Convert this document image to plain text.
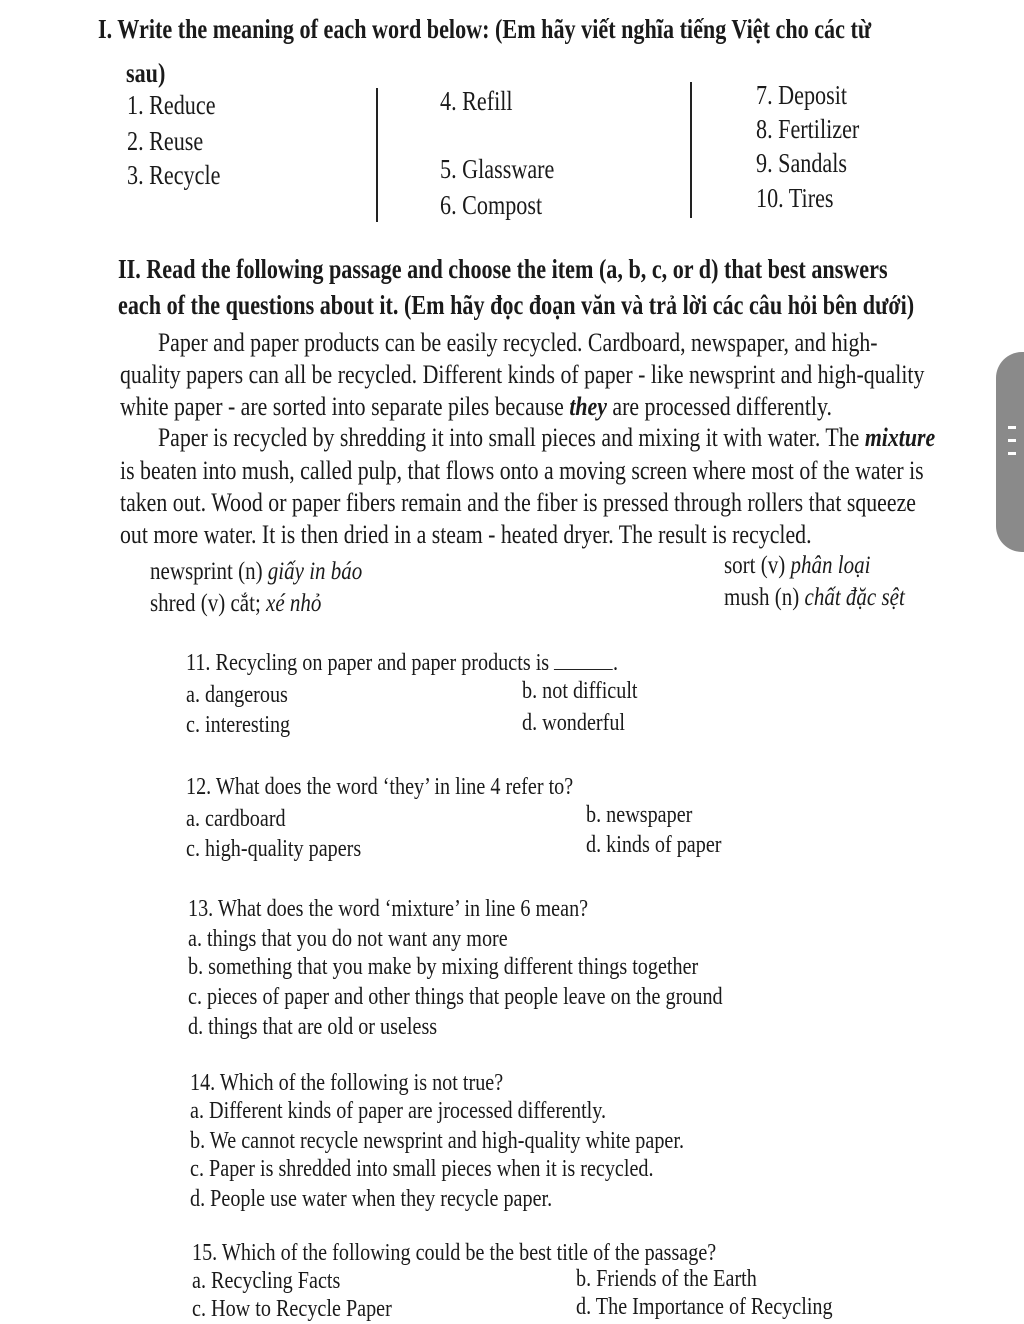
I. Write the meaning of each word below: (Em hãy viết nghĩa tiếng Việt cho các từ
sau)
1. Reduce
2. Reuse
3. Recycle
4. Refill
5. Glassware
6. Compost
7. Deposit
8. Fertilizer
9. Sandals
10. Tires
II. Read the following passage and choose the item (a, b, c, or d) that best answers
each of the questions about it. (Em hãy đọc đoạn văn và trả lời các câu hỏi bên dưới)
Paper and paper products can be easily recycled. Cardboard, newspaper, and high-
quality papers can all be recycled. Different kinds of paper - like newsprint and high-quality
white paper - are sorted into separate piles because they are processed differently.
Paper is recycled by shredding it into small pieces and mixing it with water. The mixture
is beaten into mush, called pulp, that flows onto a moving screen where most of the water is
taken out. Wood or paper fibers remain and the fiber is pressed through rollers that squeeze
out more water. It is then dried in a steam - heated dryer. The result is recycled.
newsprint (n) giấy in báo	sort (v) phân loại
shred (v) cắt; xé nhỏ	mush (n) chất đặc sệt
11. Recycling on paper and paper products is	.
a. dangerous	b. not difficult
c. interesting	d. wonderful
12. What does the word ‘they’ in line 4 refer to?
a. cardboard	b. newspaper
c. high-quality papers	d. kinds of paper
13. What does the word ‘mixture’ in line 6 mean?
a. things that you do not want any more
b. something that you make by mixing different things together
c. pieces of paper and other things that people leave on the ground
d. things that are old or useless
14. Which of the following is not true?
a. Different kinds of paper are jrocessed differently.
b. We cannot recycle newsprint and high-quality white paper.
c. Paper is shredded into small pieces when it is recycled.
d. People use water when they recycle paper.
15. Which of the following could be the best title of the passage?
a. Recycling Facts	b. Friends of the Earth
c. How to Recycle Paper	d. The Importance of Recycling
